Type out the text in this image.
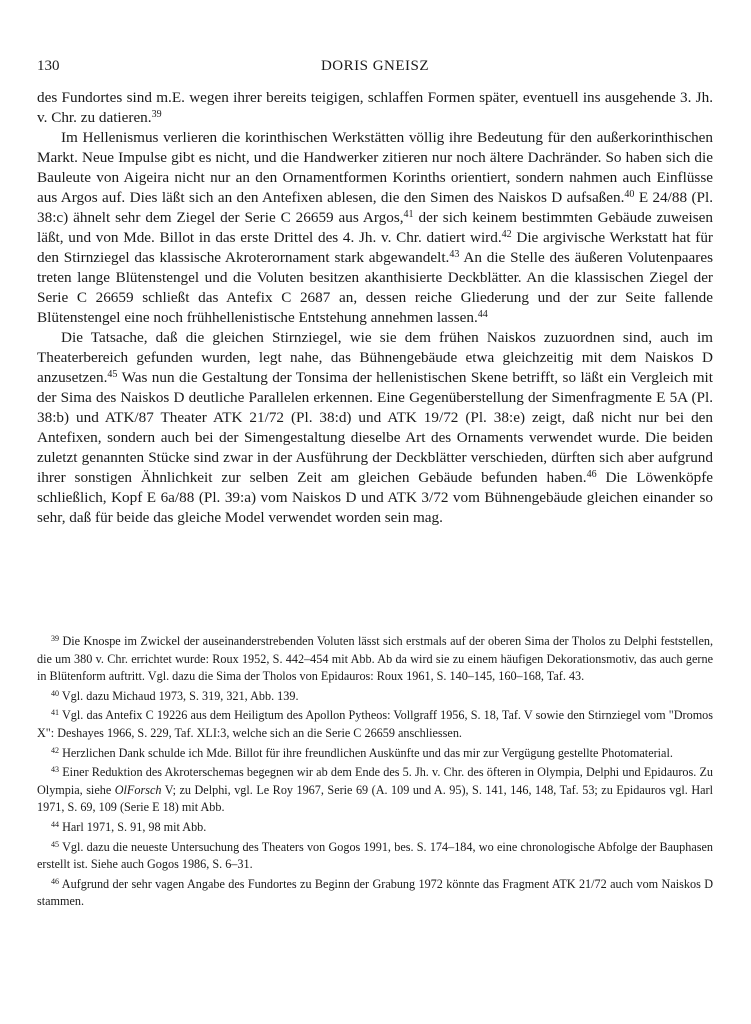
130	DORIS GNEISZ

des Fundortes sind m.E. wegen ihrer bereits teigigen, schlaffen Formen später, eventuell ins ausgehende 3. Jh. v. Chr. zu datieren.$^{39}$

Im Hellenismus verlieren die korinthischen Werkstätten völlig ihre Bedeutung für den außerkorinthischen Markt. Neue Impulse gibt es nicht, und die Handwerker zitieren nur noch ältere Dachränder. So haben sich die Bauleute von Aigeira nicht nur an den Ornamentformen Korinths orientiert, sondern nahmen auch Einflüsse aus Argos auf. Dies läßt sich an den Antefixen ablesen, die den Simen des Naiskos D aufsaßen.$^{40}$ E 24/88 (Pl. 38:c) ähnelt sehr dem Ziegel der Serie C 26659 aus Argos,$^{41}$ der sich keinem bestimmten Gebäude zuweisen läßt, und von Mde. Billot in das erste Drittel des 4. Jh. v. Chr. datiert wird.$^{42}$ Die argivische Werkstatt hat für den Stirnziegel das klassische Akroterornament stark abgewandelt.$^{43}$ An die Stelle des äußeren Volutenpaares treten lange Blütenstengel und die Voluten besitzen akanthisierte Deckblätter. An die klassischen Ziegel der Serie C 26659 schließt das Antefix C 2687 an, dessen reiche Gliederung und der zur Seite fallende Blütenstengel eine noch frühhellenistische Entstehung annehmen lassen.$^{44}$

Die Tatsache, daß die gleichen Stirnziegel, wie sie dem frühen Naiskos zuzuordnen sind, auch im Theaterbereich gefunden wurden, legt nahe, das Bühnengebäude etwa gleichzeitig mit dem Naiskos D anzusetzen.$^{45}$ Was nun die Gestaltung der Tonsima der hellenistischen Skene betrifft, so läßt ein Vergleich mit der Sima des Naiskos D deutliche Parallelen erkennen. Eine Gegenüberstellung der Simenfragmente E 5A (Pl. 38:b) und ATK/87 Theater ATK 21/72 (Pl. 38:d) und ATK 19/72 (Pl. 38:e) zeigt, daß nicht nur bei den Antefixen, sondern auch bei der Simengestaltung dieselbe Art des Ornaments verwendet wurde. Die beiden zuletzt genannten Stücke sind zwar in der Ausführung der Deckblätter verschieden, dürften sich aber aufgrund ihrer sonstigen Ähnlichkeit zur selben Zeit am gleichen Gebäude befunden haben.$^{46}$ Die Löwenköpfe schließlich, Kopf E 6a/88 (Pl. 39:a) vom Naiskos D und ATK 3/72 vom Bühnengebäude gleichen einander so sehr, daß für beide das gleiche Model verwendet worden sein mag.

$^{39}$ Die Knospe im Zwickel der auseinanderstrebenden Voluten lässt sich erstmals auf der oberen Sima der Tholos zu Delphi feststellen, die um 380 v. Chr. errichtet wurde: Roux 1952, S. 442–454 mit Abb. Ab da wird sie zu einem häufigen Dekorationsmotiv, das auch gerne in Blütenform auftritt. Vgl. dazu die Sima der Tholos von Epidauros: Roux 1961, S. 140–145, 160–168, Taf. 43.

$^{40}$ Vgl. dazu Michaud 1973, S. 319, 321, Abb. 139.

$^{41}$ Vgl. das Antefix C 19226 aus dem Heiligtum des Apollon Pytheos: Vollgraff 1956, S. 18, Taf. V sowie den Stirnziegel vom "Dromos X": Deshayes 1966, S. 229, Taf. XLI:3, welche sich an die Serie C 26659 anschliessen.

$^{42}$ Herzlichen Dank schulde ich Mde. Billot für ihre freundlichen Auskünfte und das mir zur Vergügung gestellte Photomaterial.

$^{43}$ Einer Reduktion des Akroterschemas begegnen wir ab dem Ende des 5. Jh. v. Chr. des öfteren in Olympia, Delphi und Epidauros. Zu Olympia, siehe OlForsch V; zu Delphi, vgl. Le Roy 1967, Serie 69 (A. 109 und A. 95), S. 141, 146, 148, Taf. 53; zu Epidauros vgl. Harl 1971, S. 69, 109 (Serie E 18) mit Abb.

$^{44}$ Harl 1971, S. 91, 98 mit Abb.

$^{45}$ Vgl. dazu die neueste Untersuchung des Theaters von Gogos 1991, bes. S. 174–184, wo eine chronologische Abfolge der Bauphasen erstellt ist. Siehe auch Gogos 1986, S. 6–31.

$^{46}$ Aufgrund der sehr vagen Angabe des Fundortes zu Beginn der Grabung 1972 könnte das Fragment ATK 21/72 auch vom Naiskos D stammen.
